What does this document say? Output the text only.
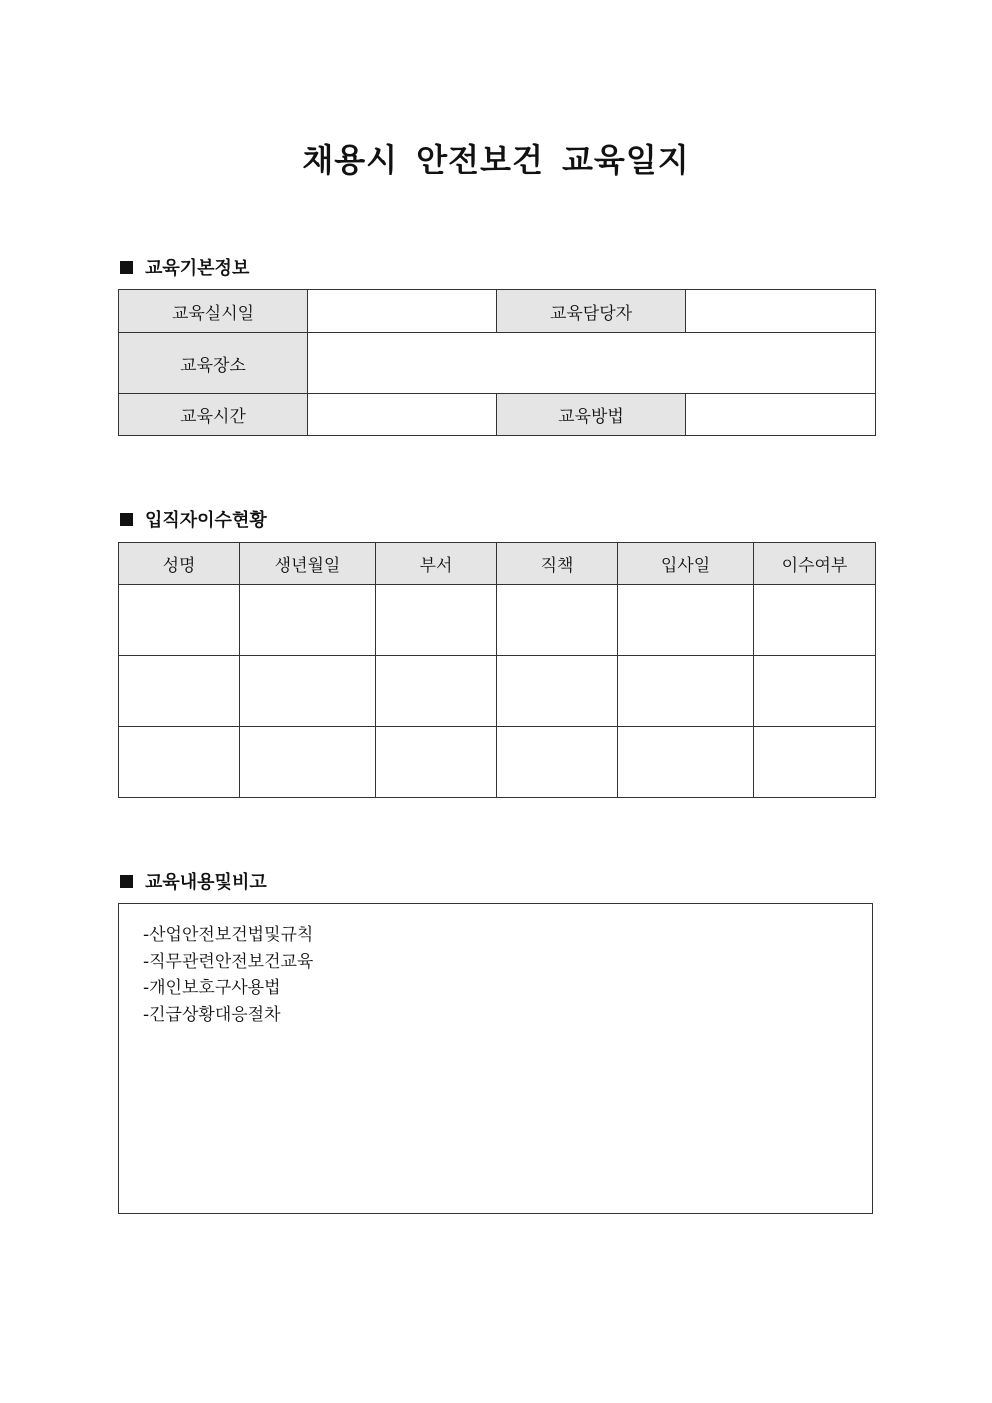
채용시 안전보건 교육일지
교육기본정보
교육실시일		교육담당자	
교육장소			
교육시간		교육방법	
입직자이수현황
성명	생년월일	부서	직책	입사일	이수여부

교육내용및비고
-산업안전보건법및규칙
-직무관련안전보건교육
-개인보호구사용법
-긴급상황대응절차
